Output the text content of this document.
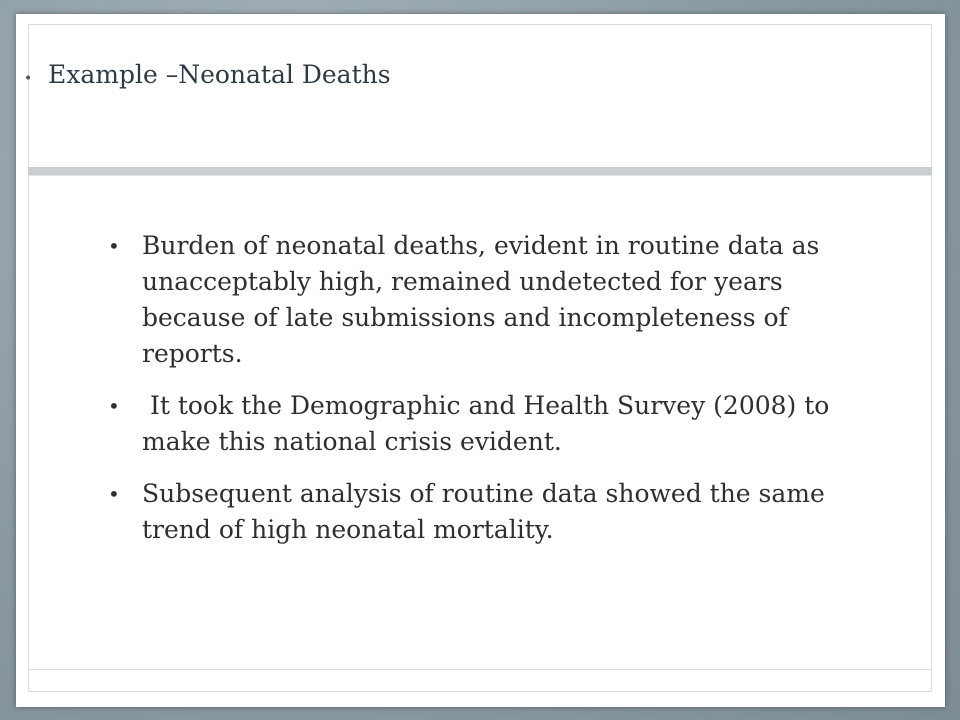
• Example –Neonatal Deaths
• Burden of neonatal deaths, evident in routine data as unacceptably high, remained undetected for years because of late submissions and incompleteness of reports.
• It took the Demographic and Health Survey (2008) to make this national crisis evident.
• Subsequent analysis of routine data showed the same trend of high neonatal mortality.
